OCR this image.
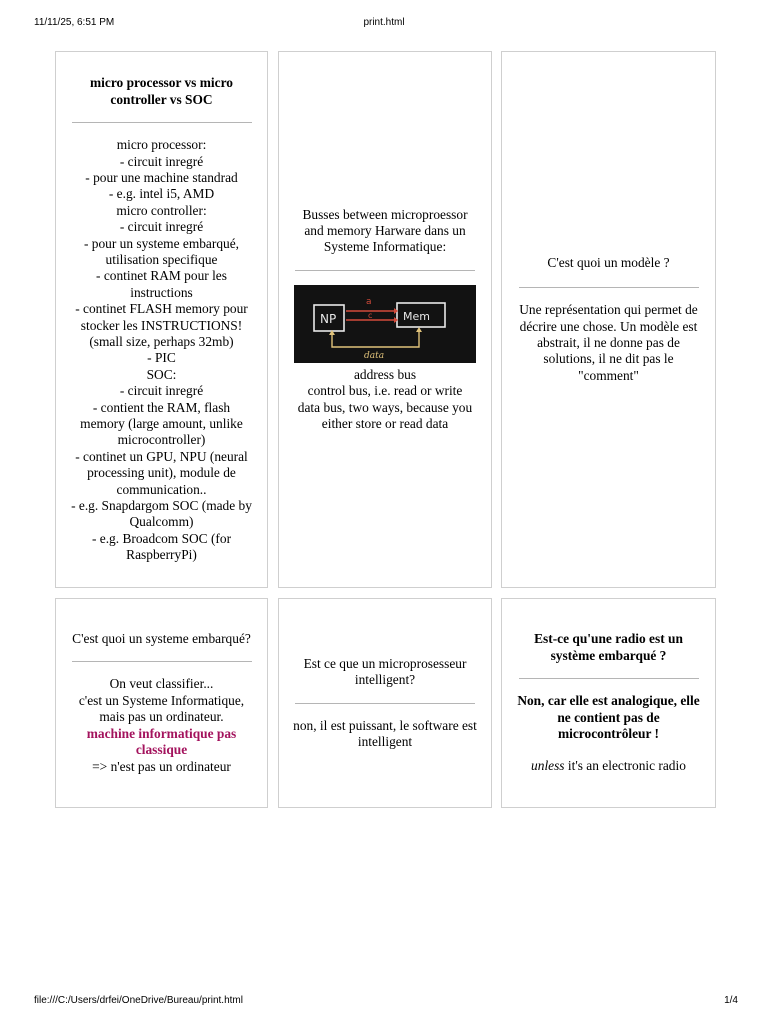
11/11/25, 6:51 PM	print.html
micro processor vs micro controller vs SOC
micro processor:
- circuit inregré
- pour une machine standrad
- e.g. intel i5, AMD
micro controller:
- circuit inregré
- pour un systeme embarqué, utilisation specifique
- continet RAM pour les instructions
- continet FLASH memory pour stocker les INSTRUCTIONS! (small size, perhaps 32mb)
- PIC
SOC:
- circuit inregré
- contient the RAM, flash memory (large amount, unlike microcontroller)
- continet un GPU, NPU (neural processing unit), module de communication..
- e.g. Snapdargom SOC (made by Qualcomm)
- e.g. Broadcom SOC (for RaspberryPi)
Busses between microproessor and memory Harware dans un Systeme Informatique:
NP	Mem
a
c
data
address bus
control bus, i.e. read or write
data bus, two ways, because you either store or read data
C'est quoi un modèle ?
Une représentation qui permet de décrire une chose. Un modèle est abstrait, il ne donne pas de solutions, il ne dit pas le "comment"
C'est quoi un systeme embarqué?
On veut classifier...
c'est un Systeme Informatique, mais pas un ordinateur.
machine informatique pas classique
=> n'est pas un ordinateur
Est ce que un microprosesseur intelligent?
non, il est puissant, le software est intelligent
Est-ce qu'une radio est un système embarqué ?
Non, car elle est analogique, elle ne contient pas de microcontrôleur !
unless it's an electronic radio
file:///C:/Users/drfei/OneDrive/Bureau/print.html	1/4
